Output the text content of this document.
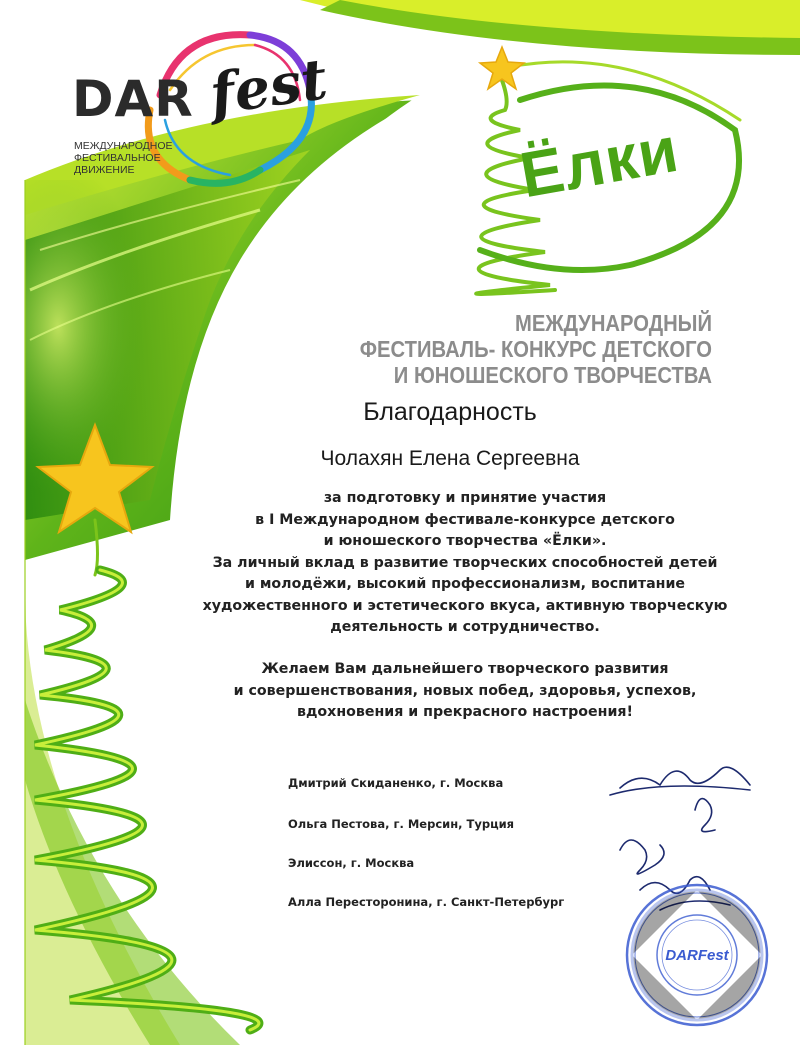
DAR fest
МЕЖДУНАРОДНОЕ
ФЕСТИВАЛЬНОЕ
ДВИЖЕНИЕ	Ёлки
МЕЖДУНАРОДНЫЙ
ФЕСТИВАЛЬ- КОНКУРС ДЕТСКОГО
И ЮНОШЕСКОГО ТВОРЧЕСТВА
Благодарность
Чолахян Елена Сергеевна
за подготовку и принятие участия
в I Международном фестивале-конкурсе детского
и юношеского творчества «Ёлки».
За личный вклад в развитие творческих способностей детей
и молодёжи, высокий профессионализм, воспитание
художественного и эстетического вкуса, активную творческую
деятельность и сотрудничество.
Желаем Вам дальнейшего творческого развития
и совершенствования, новых побед, здоровья, успехов,
вдохновения и прекрасного настроения!
Дмитрий Скиданенко, г. Москва
Ольга Пестова, г. Мерсин, Турция
Элиссон, г. Москва
Алла Пересторонина, г. Санкт-Петербург
DARFest
